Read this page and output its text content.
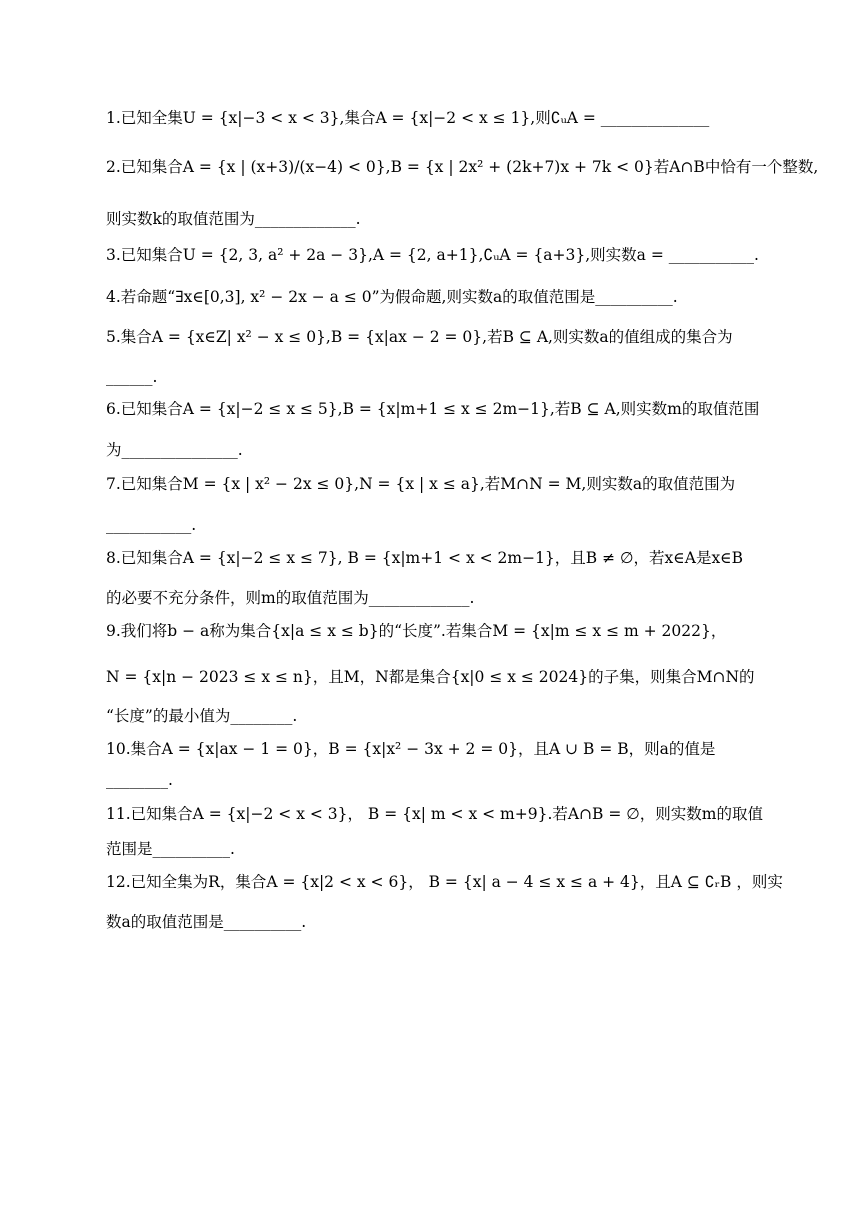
1.已知全集U = {x|−3 < x < 3},集合A = {x|−2 < x ≤ 1},则∁ᵤA = ______________
2.已知集合A = {x | (x+3)/(x−4) < 0},B = {x | 2x² + (2k+7)x + 7k < 0}若A∩B中恰有一个整数,
则实数k的取值范围为_____________.
3.已知集合U = {2, 3, a² + 2a − 3},A = {2, a+1},∁ᵤA = {a+3},则实数a = ___________.
4.若命题“∃x∈[0,3], x² − 2x − a ≤ 0”为假命题,则实数a的取值范围是__________.
5.集合A = {x∈Z| x² − x ≤ 0},B = {x|ax − 2 = 0},若B ⊆ A,则实数a的值组成的集合为
______.
6.已知集合A = {x|−2 ≤ x ≤ 5},B = {x|m+1 ≤ x ≤ 2m−1},若B ⊆ A,则实数m的取值范围
为_______________.
7.已知集合M = {x | x² − 2x ≤ 0},N = {x | x ≤ a},若M∩N = M,则实数a的取值范围为
___________.
8.已知集合A = {x|−2 ≤ x ≤ 7}, B = {x|m+1 < x < 2m−1}，且B ≠ ∅，若x∈A是x∈B
的必要不充分条件，则m的取值范围为_____________.
9.我们将b − a称为集合{x|a ≤ x ≤ b}的“长度”.若集合M = {x|m ≤ x ≤ m + 2022}，
N = {x|n − 2023 ≤ x ≤ n}，且M，N都是集合{x|0 ≤ x ≤ 2024}的子集，则集合M∩N的
“长度”的最小值为________.
10.集合A = {x|ax − 1 = 0}，B = {x|x² − 3x + 2 = 0}，且A ∪ B = B，则a的值是
________.
11.已知集合A = {x|−2 < x < 3}， B = {x| m < x < m+9}.若A∩B = ∅，则实数m的取值
范围是__________.
12.已知全集为R，集合A = {x|2 < x < 6}， B = {x| a − 4 ≤ x ≤ a + 4}，且A ⊆ ∁ᵣB ，则实
数a的取值范围是__________.
